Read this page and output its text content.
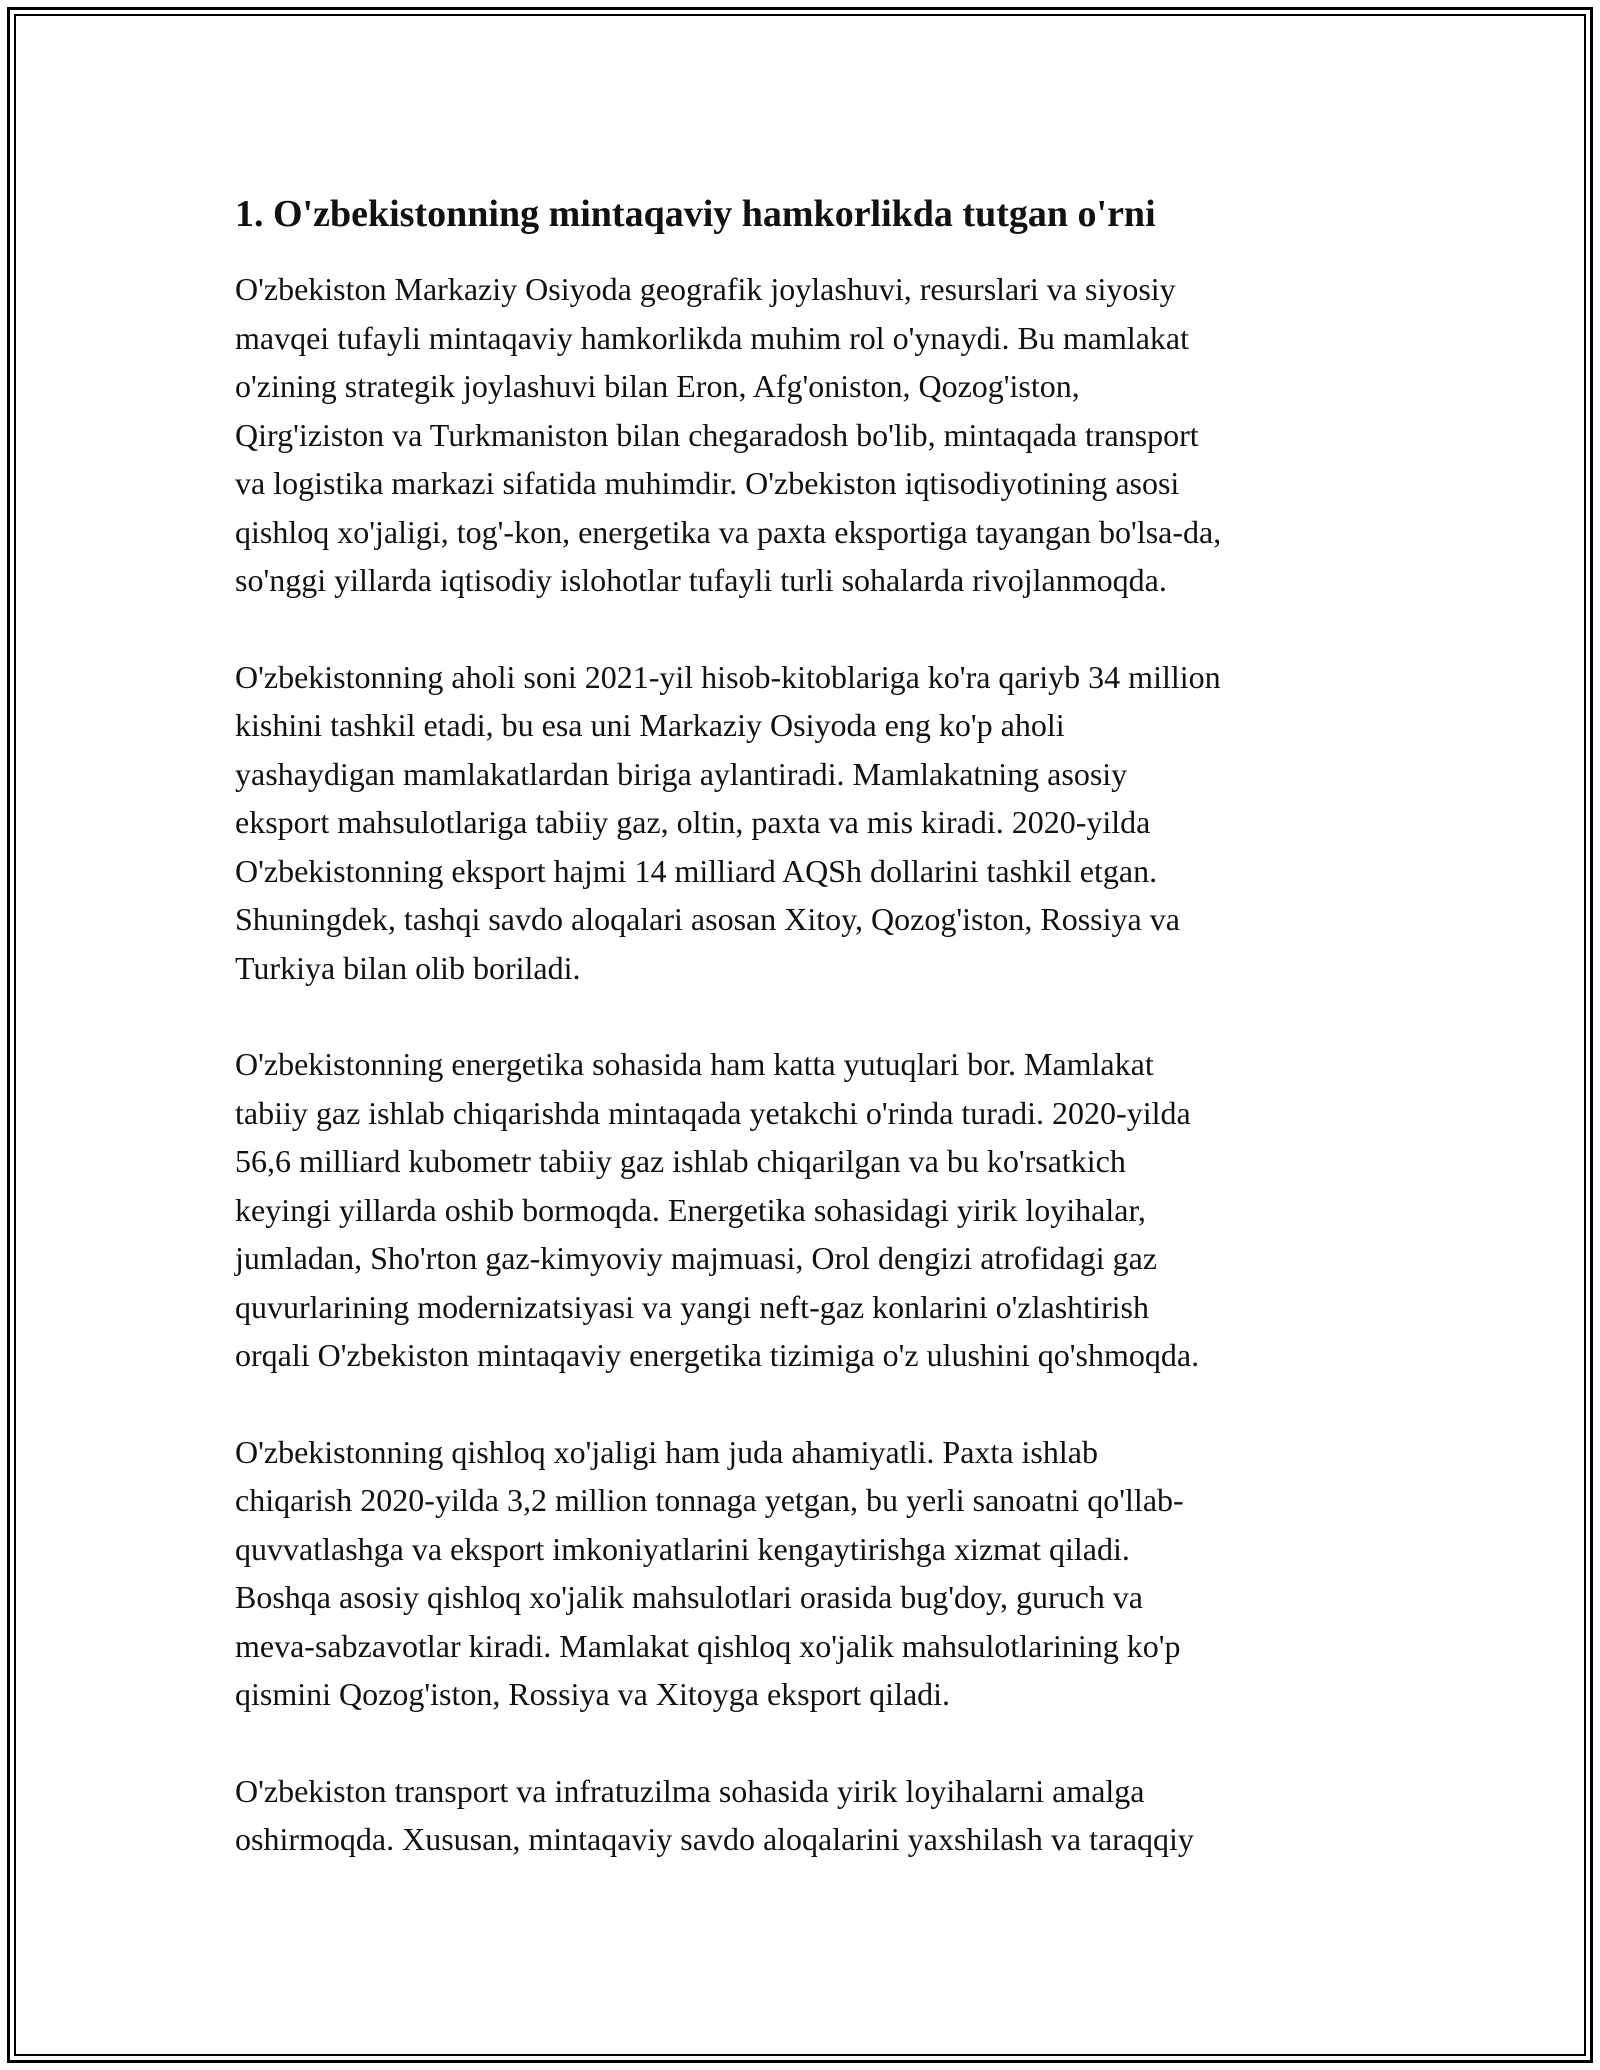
1. O'zbekistonning mintaqaviy hamkorlikda tutgan o'rni

O'zbekiston Markaziy Osiyoda geografik joylashuvi, resurslari va siyosiy
mavqei tufayli mintaqaviy hamkorlikda muhim rol o'ynaydi. Bu mamlakat
o'zining strategik joylashuvi bilan Eron, Afg'oniston, Qozog'iston,
Qirg'iziston va Turkmaniston bilan chegaradosh bo'lib, mintaqada transport
va logistika markazi sifatida muhimdir. O'zbekiston iqtisodiyotining asosi
qishloq xo'jaligi, tog'-kon, energetika va paxta eksportiga tayangan bo'lsa-da,
so'nggi yillarda iqtisodiy islohotlar tufayli turli sohalarda rivojlanmoqda.

O'zbekistonning aholi soni 2021-yil hisob-kitoblariga ko'ra qariyb 34 million
kishini tashkil etadi, bu esa uni Markaziy Osiyoda eng ko'p aholi
yashaydigan mamlakatlardan biriga aylantiradi. Mamlakatning asosiy
eksport mahsulotlariga tabiiy gaz, oltin, paxta va mis kiradi. 2020-yilda
O'zbekistonning eksport hajmi 14 milliard AQSh dollarini tashkil etgan.
Shuningdek, tashqi savdo aloqalari asosan Xitoy, Qozog'iston, Rossiya va
Turkiya bilan olib boriladi.

O'zbekistonning energetika sohasida ham katta yutuqlari bor. Mamlakat
tabiiy gaz ishlab chiqarishda mintaqada yetakchi o'rinda turadi. 2020-yilda
56,6 milliard kubometr tabiiy gaz ishlab chiqarilgan va bu ko'rsatkich
keyingi yillarda oshib bormoqda. Energetika sohasidagi yirik loyihalar,
jumladan, Sho'rton gaz-kimyoviy majmuasi, Orol dengizi atrofidagi gaz
quvurlarining modernizatsiyasi va yangi neft-gaz konlarini o'zlashtirish
orqali O'zbekiston mintaqaviy energetika tizimiga o'z ulushini qo'shmoqda.

O'zbekistonning qishloq xo'jaligi ham juda ahamiyatli. Paxta ishlab
chiqarish 2020-yilda 3,2 million tonnaga yetgan, bu yerli sanoatni qo'llab-
quvvatlashga va eksport imkoniyatlarini kengaytirishga xizmat qiladi.
Boshqa asosiy qishloq xo'jalik mahsulotlari orasida bug'doy, guruch va
meva-sabzavotlar kiradi. Mamlakat qishloq xo'jalik mahsulotlarining ko'p
qismini Qozog'iston, Rossiya va Xitoyga eksport qiladi.

O'zbekiston transport va infratuzilma sohasida yirik loyihalarni amalga
oshirmoqda. Xususan, mintaqaviy savdo aloqalarini yaxshilash va taraqqiy
